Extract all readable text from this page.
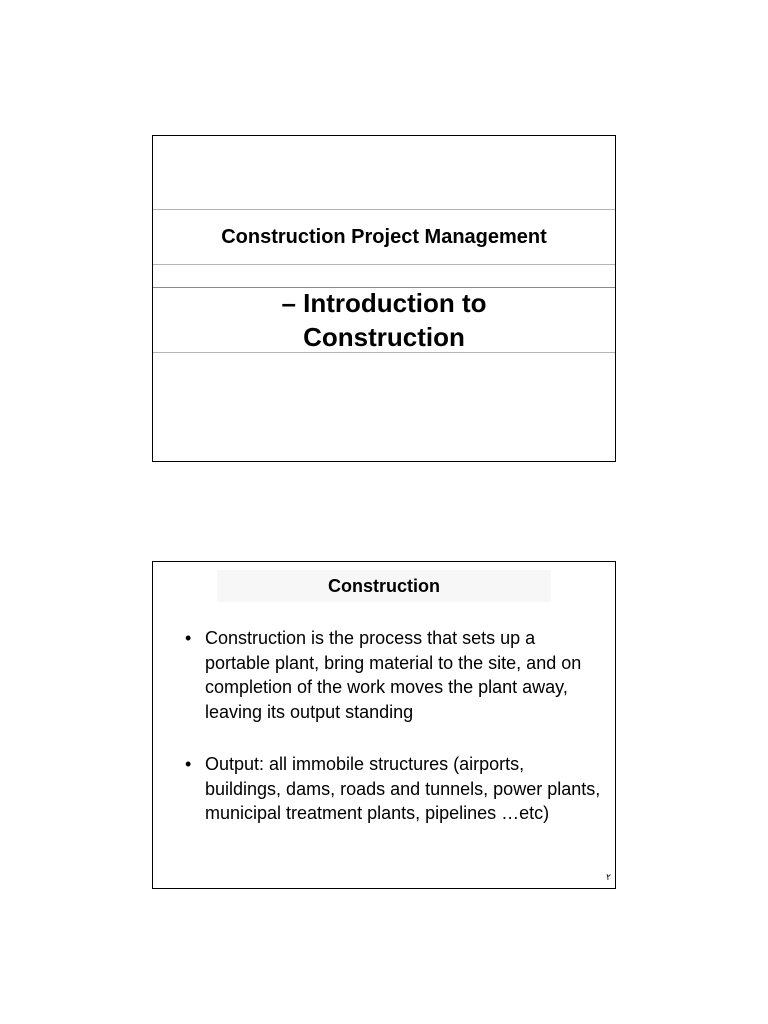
Construction Project Management
– Introduction to Construction
Construction
• Construction is the process that sets up a portable plant, bring material to the site, and on completion of the work moves the plant away, leaving its output standing
• Output: all immobile structures (airports, buildings, dams, roads and tunnels, power plants, municipal treatment plants, pipelines …etc)
٢
